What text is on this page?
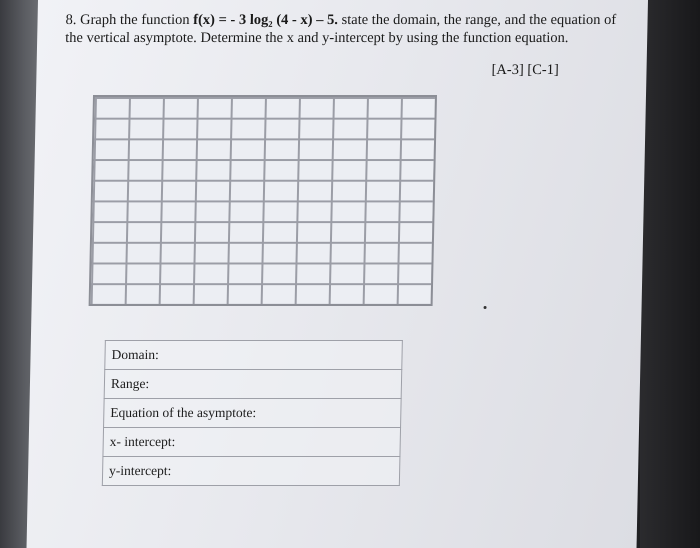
8. Graph the function f(x) = - 3 log₂ (4 - x) – 5. state the domain, the range, and the equation of the vertical asymptote. Determine the x and y-intercept by using the function equation.
[A-3] [C-1]
Domain:
Range:
Equation of the asymptote:
x- intercept:
y-intercept:
